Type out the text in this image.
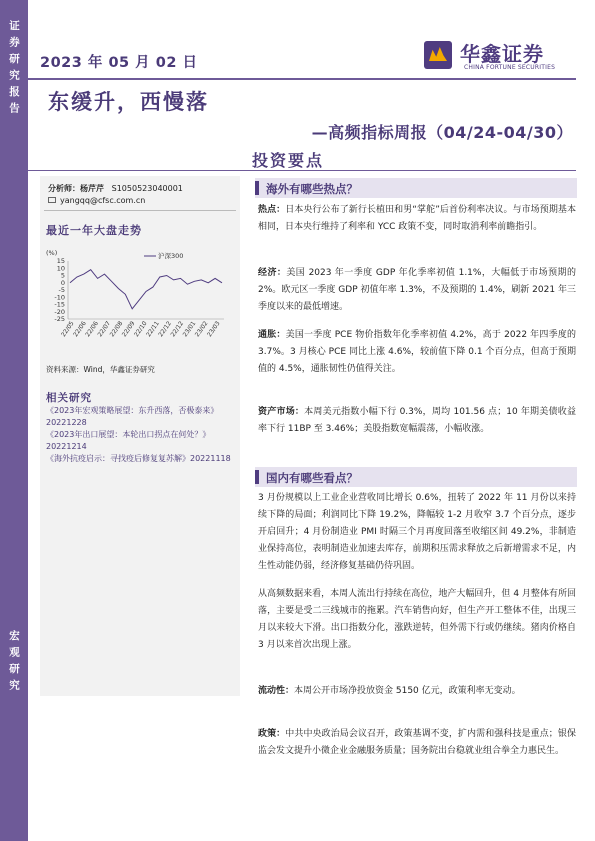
证券研究报告
宏观研究
2023 年 05 月 02 日	华鑫证券
CHINA FORTUNE SECURITIES
东缓升，西慢落
—高频指标周报（04/24-04/30）
投资要点
分析师：杨芹芹 S1050523040001
yangqq@cfsc.com.cn
最近一年大盘走势
(%)
15
10
5
0
-5
-10
-15
-20
-25
22/05
22/06
22/06
22/07
22/08
22/09
22/10
22/11
22/12
22/12
23/01
23/02
23/03
沪深300
资料来源：Wind，华鑫证券研究
相关研究

《2023年宏观策略展望：东升西落，否极泰来》20221228

《2023年出口展望：本轮出口拐点在何处？》20221214

《海外抗疫启示：寻找疫后修复复苏解》20221118

海外有哪些热点？
热点：日本央行公布了新行长植田和男“掌舵”后首份利率决议。与市场预期基本相同，日本央行维持了利率和 YCC 政策不变，同时取消利率前瞻指引。
经济：美国 2023 年一季度 GDP 年化季率初值 1.1%，大幅低于市场预期的 2%。欧元区一季度 GDP 初值年率 1.3%，不及预期的 1.4%，刷新 2021 年三季度以来的最低增速。
通胀：美国一季度 PCE 物价指数年化季率初值 4.2%，高于 2022 年四季度的 3.7%。3 月核心 PCE 同比上涨 4.6%，较前值下降 0.1 个百分点，但高于预期值的 4.5%，通胀韧性仍值得关注。
资产市场：本周美元指数小幅下行 0.3%，周均 101.56 点；10 年期美债收益率下行 11BP 至 3.46%；美股指数宽幅震荡，小幅收涨。
国内有哪些看点？
3 月份规模以上工业企业营收同比增长 0.6%，扭转了 2022 年 11 月份以来持续下降的局面；利润同比下降 19.2%，降幅较 1-2 月收窄 3.7 个百分点，逐步开启回升；4 月份制造业 PMI 时隔三个月再度回落至收缩区间 49.2%，非制造业保持高位，表明制造业加速去库存，前期积压需求释放之后新增需求不足，内生性动能仍弱，经济修复基础仍待巩固。
从高频数据来看，本周人流出行持续在高位，地产大幅回升，但 4 月整体有所回落，主要是受二三线城市的拖累。汽车销售向好，但生产开工整体不佳，出现三月以来较大下滑。出口指数分化，涨跌逆转，但外需下行或仍继续。猪肉价格自 3 月以来首次出现上涨。
流动性：本周公开市场净投放资金 5150 亿元，政策利率无变动。
政策：中共中央政治局会议召开，政策基调不变，扩内需和强科技是重点；银保监会发文提升小微企业金融服务质量；国务院出台稳就业组合拳全力惠民生。
